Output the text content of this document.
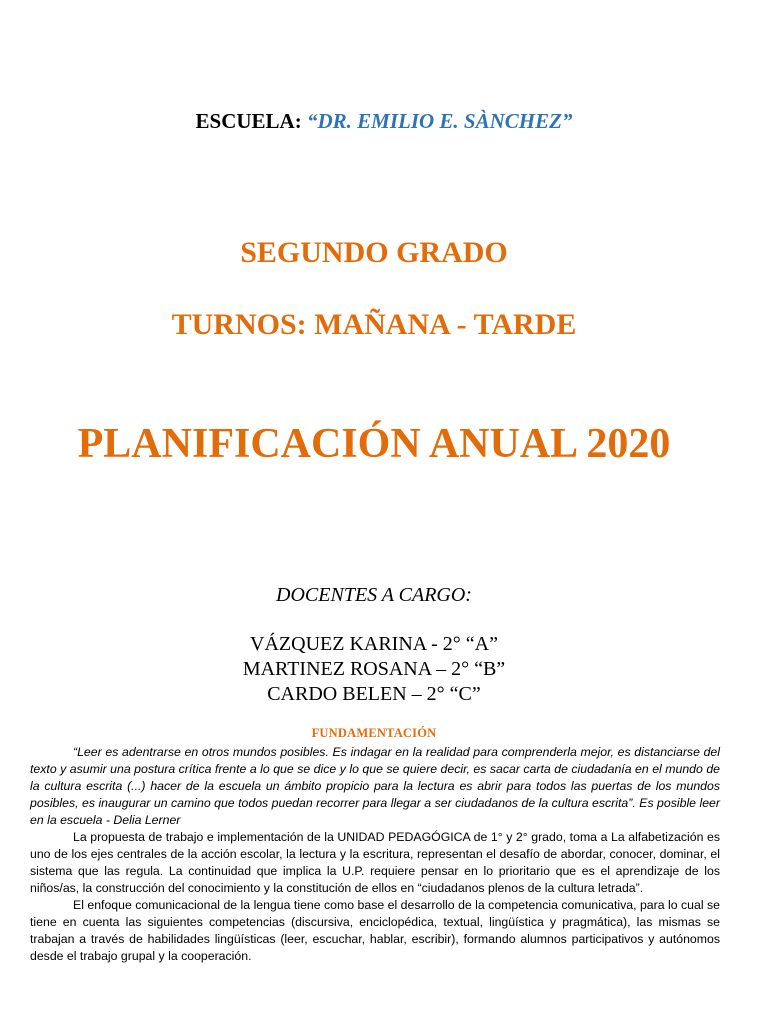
ESCUELA: “DR. EMILIO E. SÀNCHEZ”
SEGUNDO GRADO
TURNOS: MAÑANA - TARDE
PLANIFICACIÓN ANUAL 2020
DOCENTES A CARGO:
VÁZQUEZ KARINA - 2° “A”
MARTINEZ ROSANA – 2° “B”
CARDO BELEN – 2° “C”
FUNDAMENTACIÓN

“Leer es adentrarse en otros mundos posibles. Es indagar en la realidad para comprenderla mejor, es distanciarse del texto y asumir una postura crítica frente a lo que se dice y lo que se quiere decir, es sacar carta de ciudadanía en el mundo de la cultura escrita (...) hacer de la escuela un ámbito propicio para la lectura es abrir para todos las puertas de los mundos posibles, es inaugurar un camino que todos puedan recorrer para llegar a ser ciudadanos de la cultura escrita”. Es posible leer en la escuela - Delia Lerner

La propuesta de trabajo e implementación de la UNIDAD PEDAGÓGICA de 1° y 2° grado, toma a La alfabetización es uno de los ejes centrales de la acción escolar, la lectura y la escritura, representan el desafío de abordar, conocer, dominar, el sistema que las regula. La continuidad que implica la U.P. requiere pensar en lo prioritario que es el aprendizaje de los niños/as, la construcción del conocimiento y la constitución de ellos en “ciudadanos plenos de la cultura letrada”.

El enfoque comunicacional de la lengua tiene como base el desarrollo de la competencia comunicativa, para lo cual se tiene en cuenta las siguientes competencias (discursiva, enciclopédica, textual, lingüística y pragmática), las mismas se trabajan a través de habilidades lingüísticas (leer, escuchar, hablar, escribir), formando alumnos participativos y autónomos desde el trabajo grupal y la cooperación.
